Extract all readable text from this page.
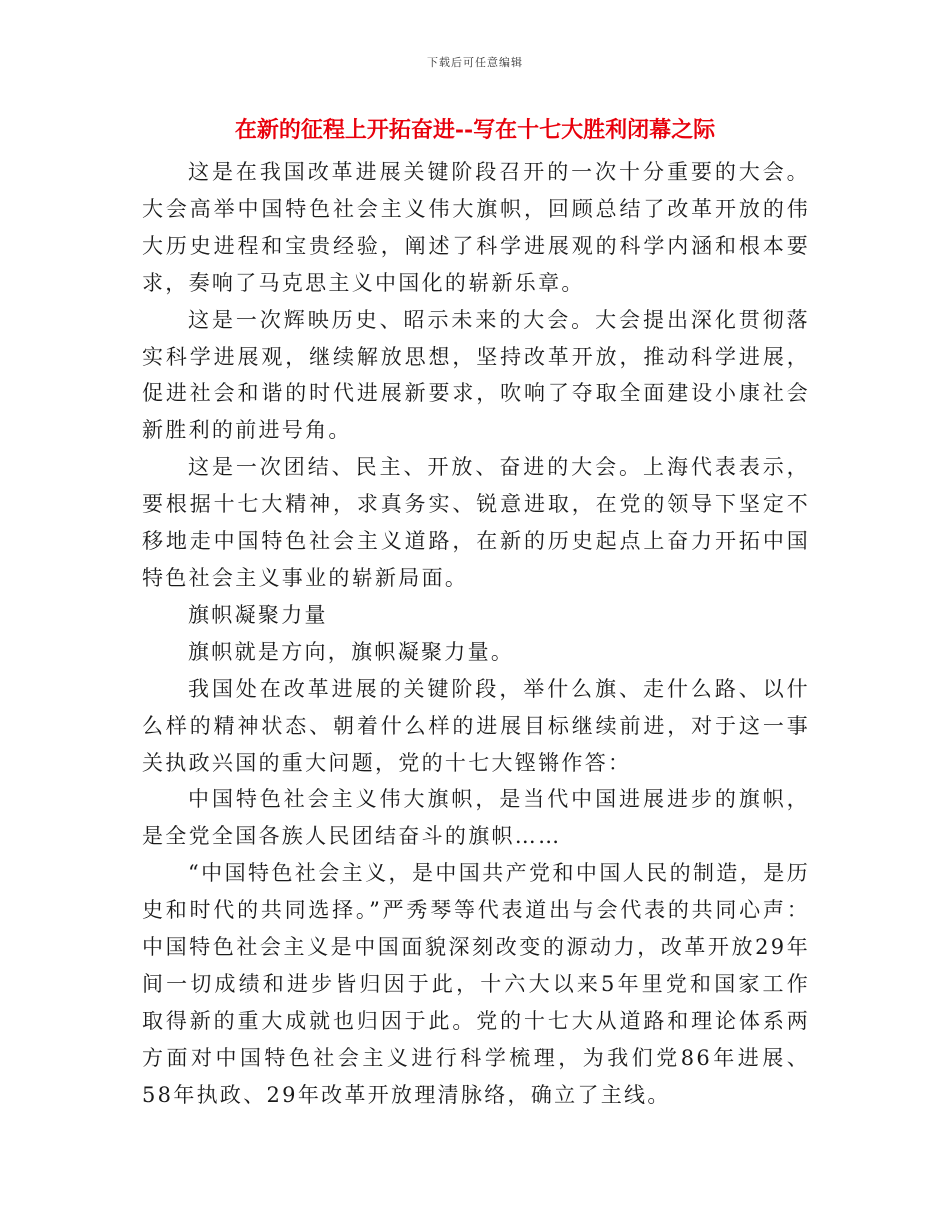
下载后可任意编辑
在新的征程上开拓奋进--写在十七大胜利闭幕之际

这是在我国改革进展关键阶段召开的一次十分重要的大会。大会高举中国特色社会主义伟大旗帜，回顾总结了改革开放的伟大历史进程和宝贵经验，阐述了科学进展观的科学内涵和根本要求，奏响了马克思主义中国化的崭新乐章。

这是一次辉映历史、昭示未来的大会。大会提出深化贯彻落实科学进展观，继续解放思想，坚持改革开放，推动科学进展，促进社会和谐的时代进展新要求，吹响了夺取全面建设小康社会新胜利的前进号角。

这是一次团结、民主、开放、奋进的大会。上海代表表示，要根据十七大精神，求真务实、锐意进取，在党的领导下坚定不移地走中国特色社会主义道路，在新的历史起点上奋力开拓中国特色社会主义事业的崭新局面。

旗帜凝聚力量

旗帜就是方向，旗帜凝聚力量。

我国处在改革进展的关键阶段，举什么旗、走什么路、以什么样的精神状态、朝着什么样的进展目标继续前进，对于这一事关执政兴国的重大问题，党的十七大铿锵作答：

中国特色社会主义伟大旗帜，是当代中国进展进步的旗帜，是全党全国各族人民团结奋斗的旗帜……

“中国特色社会主义，是中国共产党和中国人民的制造，是历史和时代的共同选择。”严秀琴等代表道出与会代表的共同心声：中国特色社会主义是中国面貌深刻改变的源动力，改革开放29年间一切成绩和进步皆归因于此，十六大以来5年里党和国家工作取得新的重大成就也归因于此。党的十七大从道路和理论体系两方面对中国特色社会主义进行科学梳理，为我们党86年进展、58年执政、29年改革开放理清脉络，确立了主线。
